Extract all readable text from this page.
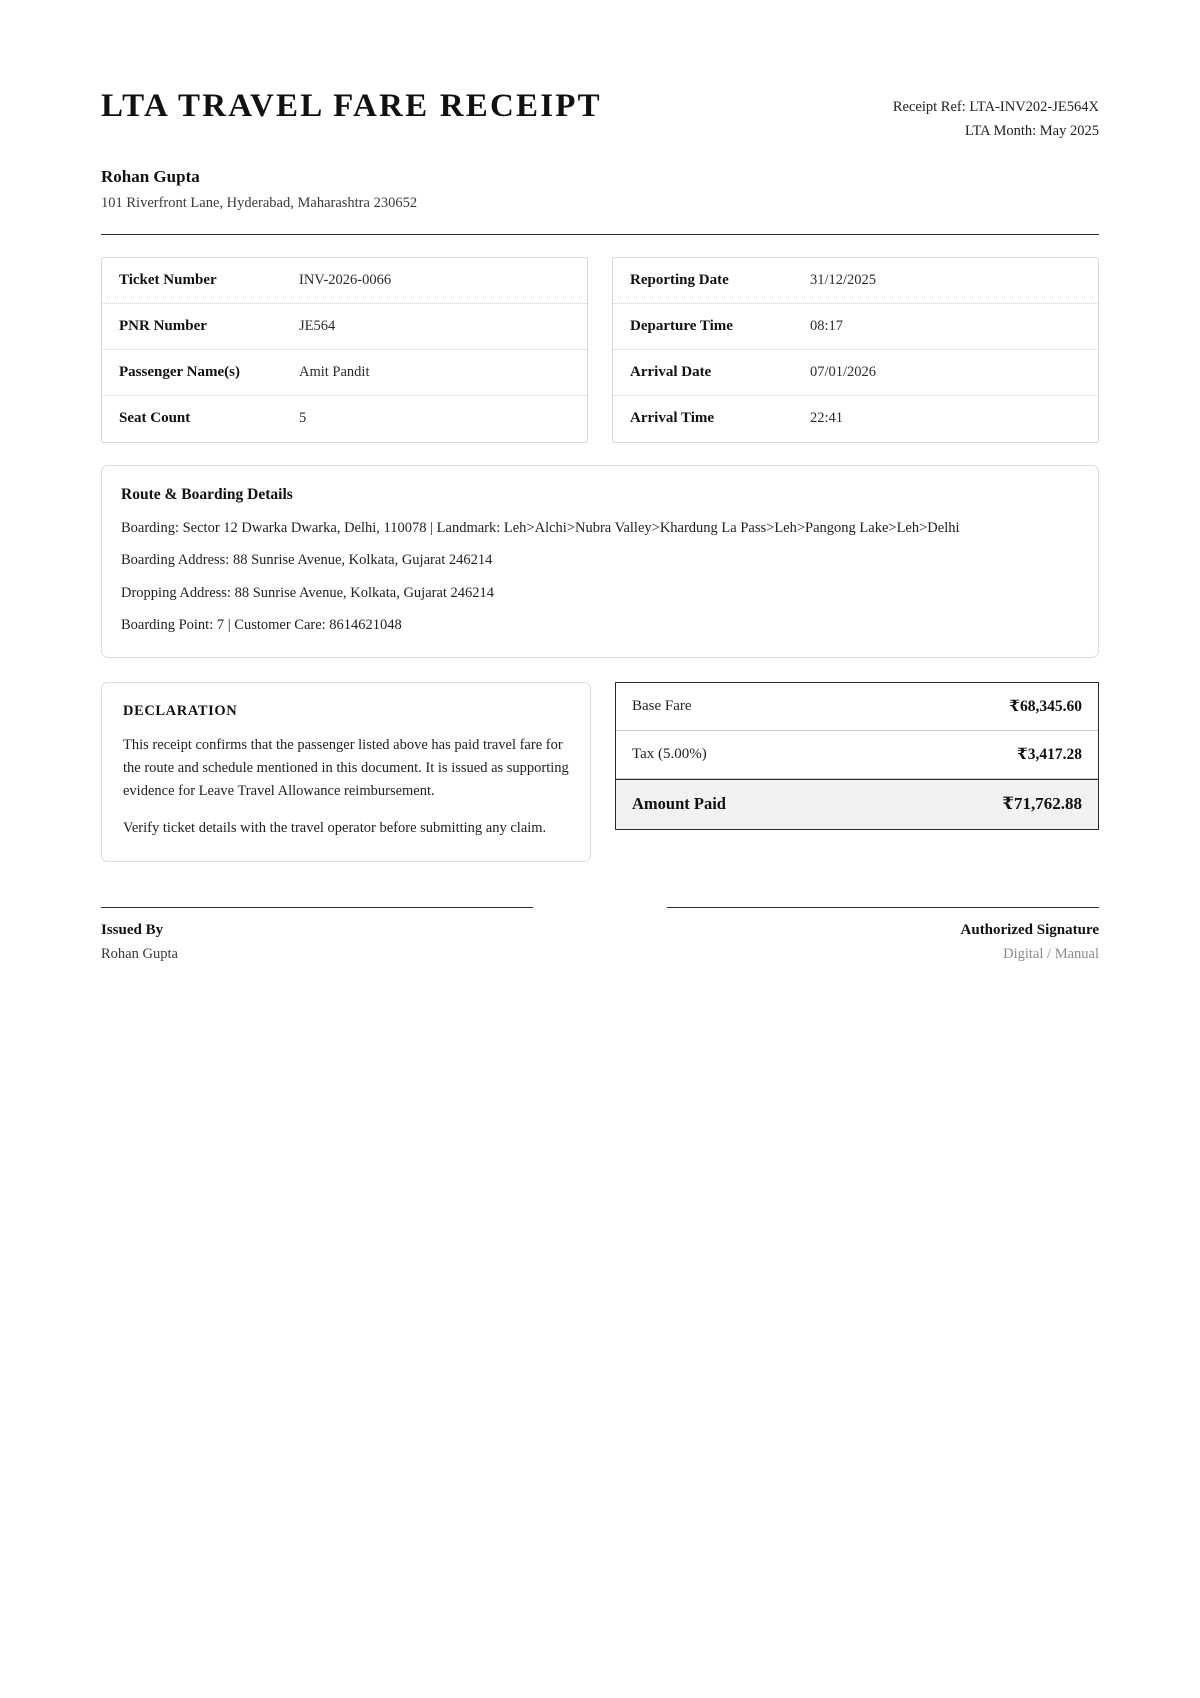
LTA TRAVEL FARE RECEIPT	Receipt Ref: LTA-INV202-JE564X
LTA Month: May 2025

Rohan Gupta

101 Riverfront Lane, Hyderabad, Maharashtra 230652

Ticket Number	INV-2026-0066
PNR Number	JE564
Passenger Name(s)	Amit Pandit
Seat Count	5
Reporting Date	31/12/2025
Departure Time	08:17
Arrival Date	07/01/2026
Arrival Time	22:41

Route & Boarding Details

Boarding: Sector 12 Dwarka Dwarka, Delhi, 110078 | Landmark: Leh>Alchi>Nubra Valley>Khardung La Pass>Leh>Pangong Lake>Leh>Delhi

Boarding Address: 88 Sunrise Avenue, Kolkata, Gujarat 246214

Dropping Address: 88 Sunrise Avenue, Kolkata, Gujarat 246214

Boarding Point: 7 | Customer Care: 8614621048

DECLARATION

This receipt confirms that the passenger listed above has paid travel fare for the route and schedule mentioned in this document. It is issued as supporting evidence for Leave Travel Allowance reimbursement.

Verify ticket details with the travel operator before submitting any claim.

Base Fare	₹68,345.60
Tax (5.00%)	₹3,417.28
Amount Paid	₹71,762.88

Issued By

Rohan Gupta

Authorized Signature

Digital / Manual
